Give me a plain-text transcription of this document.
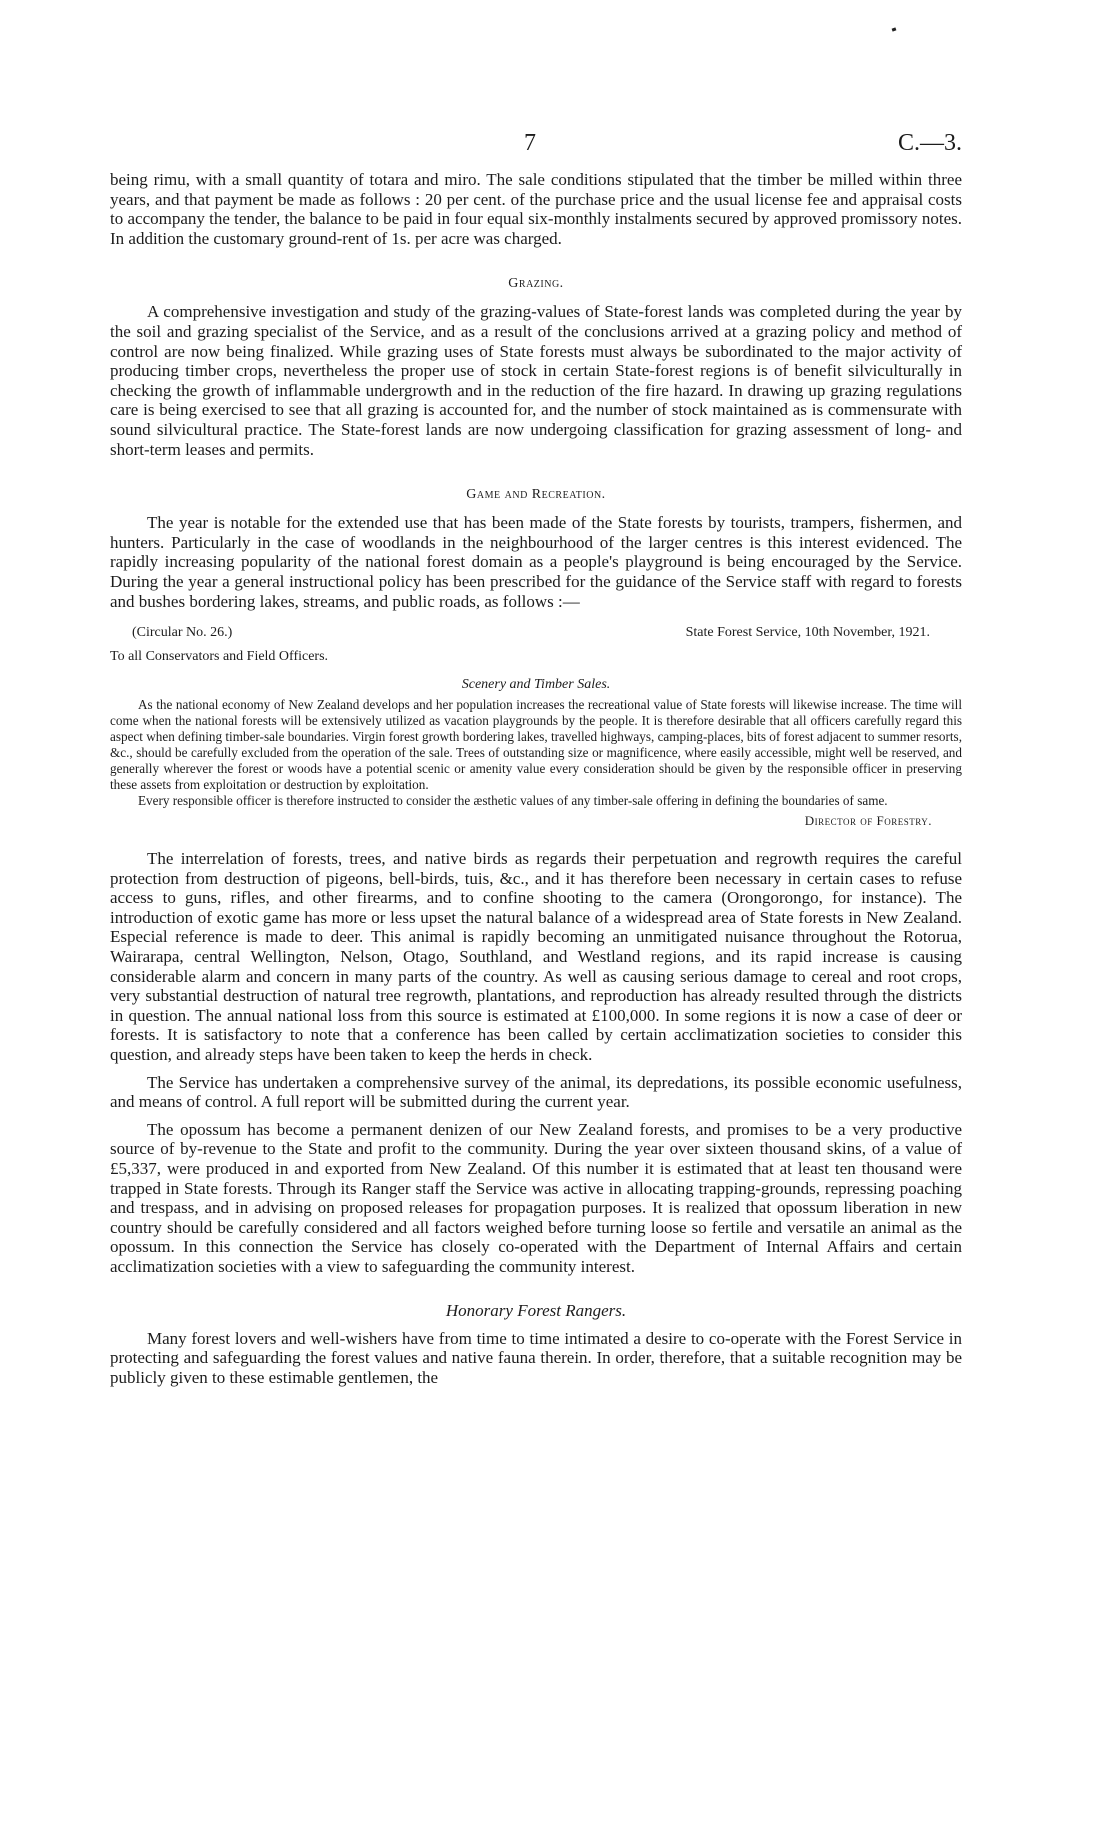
7	C.—3.

being rimu, with a small quantity of totara and miro. The sale conditions stipulated that the timber be milled within three years, and that payment be made as follows : 20 per cent. of the purchase price and the usual license fee and appraisal costs to accompany the tender, the balance to be paid in four equal six-monthly instalments secured by approved promissory notes. In addition the customary ground-rent of 1s. per acre was charged.

Grazing.

A comprehensive investigation and study of the grazing-values of State-forest lands was completed during the year by the soil and grazing specialist of the Service, and as a result of the conclusions arrived at a grazing policy and method of control are now being finalized. While grazing uses of State forests must always be subordinated to the major activity of producing timber crops, nevertheless the proper use of stock in certain State-forest regions is of benefit silviculturally in checking the growth of inflammable undergrowth and in the reduction of the fire hazard. In drawing up grazing regulations care is being exercised to see that all grazing is accounted for, and the number of stock maintained as is commensurate with sound silvicultural practice. The State-forest lands are now undergoing classification for grazing assessment of long- and short-term leases and permits.

Game and Recreation.

The year is notable for the extended use that has been made of the State forests by tourists, trampers, fishermen, and hunters. Particularly in the case of woodlands in the neighbourhood of the larger centres is this interest evidenced. The rapidly increasing popularity of the national forest domain as a people's playground is being encouraged by the Service. During the year a general instructional policy has been prescribed for the guidance of the Service staff with regard to forests and bushes bordering lakes, streams, and public roads, as follows :—

(Circular No. 26.)	State Forest Service, 10th November, 1921.
To all Conservators and Field Officers.
Scenery and Timber Sales.

As the national economy of New Zealand develops and her population increases the recreational value of State forests will likewise increase. The time will come when the national forests will be extensively utilized as vacation playgrounds by the people. It is therefore desirable that all officers carefully regard this aspect when defining timber-sale boundaries. Virgin forest growth bordering lakes, travelled highways, camping-places, bits of forest adjacent to summer resorts, &c., should be carefully excluded from the operation of the sale. Trees of outstanding size or magnificence, where easily accessible, might well be reserved, and generally wherever the forest or woods have a potential scenic or amenity value every consideration should be given by the responsible officer in preserving these assets from exploitation or destruction by exploitation.

Every responsible officer is therefore instructed to consider the æsthetic values of any timber-sale offering in defining the boundaries of same.

Director of Forestry.

The interrelation of forests, trees, and native birds as regards their perpetuation and regrowth requires the careful protection from destruction of pigeons, bell-birds, tuis, &c., and it has therefore been necessary in certain cases to refuse access to guns, rifles, and other firearms, and to confine shooting to the camera (Orongorongo, for instance). The introduction of exotic game has more or less upset the natural balance of a widespread area of State forests in New Zealand. Especial reference is made to deer. This animal is rapidly becoming an unmitigated nuisance throughout the Rotorua, Wairarapa, central Wellington, Nelson, Otago, Southland, and Westland regions, and its rapid increase is causing considerable alarm and concern in many parts of the country. As well as causing serious damage to cereal and root crops, very substantial destruction of natural tree regrowth, plantations, and reproduction has already resulted through the districts in question. The annual national loss from this source is estimated at £100,000. In some regions it is now a case of deer or forests. It is satisfactory to note that a conference has been called by certain acclimatization societies to consider this question, and already steps have been taken to keep the herds in check.

The Service has undertaken a comprehensive survey of the animal, its depredations, its possible economic usefulness, and means of control. A full report will be submitted during the current year.

The opossum has become a permanent denizen of our New Zealand forests, and promises to be a very productive source of by-revenue to the State and profit to the community. During the year over sixteen thousand skins, of a value of £5,337, were produced in and exported from New Zealand. Of this number it is estimated that at least ten thousand were trapped in State forests. Through its Ranger staff the Service was active in allocating trapping-grounds, repressing poaching and trespass, and in advising on proposed releases for propagation purposes. It is realized that opossum liberation in new country should be carefully considered and all factors weighed before turning loose so fertile and versatile an animal as the opossum. In this connection the Service has closely co-operated with the Department of Internal Affairs and certain acclimatization societies with a view to safeguarding the community interest.

Honorary Forest Rangers.

Many forest lovers and well-wishers have from time to time intimated a desire to co-operate with the Forest Service in protecting and safeguarding the forest values and native fauna therein. In order, therefore, that a suitable recognition may be publicly given to these estimable gentlemen, the
